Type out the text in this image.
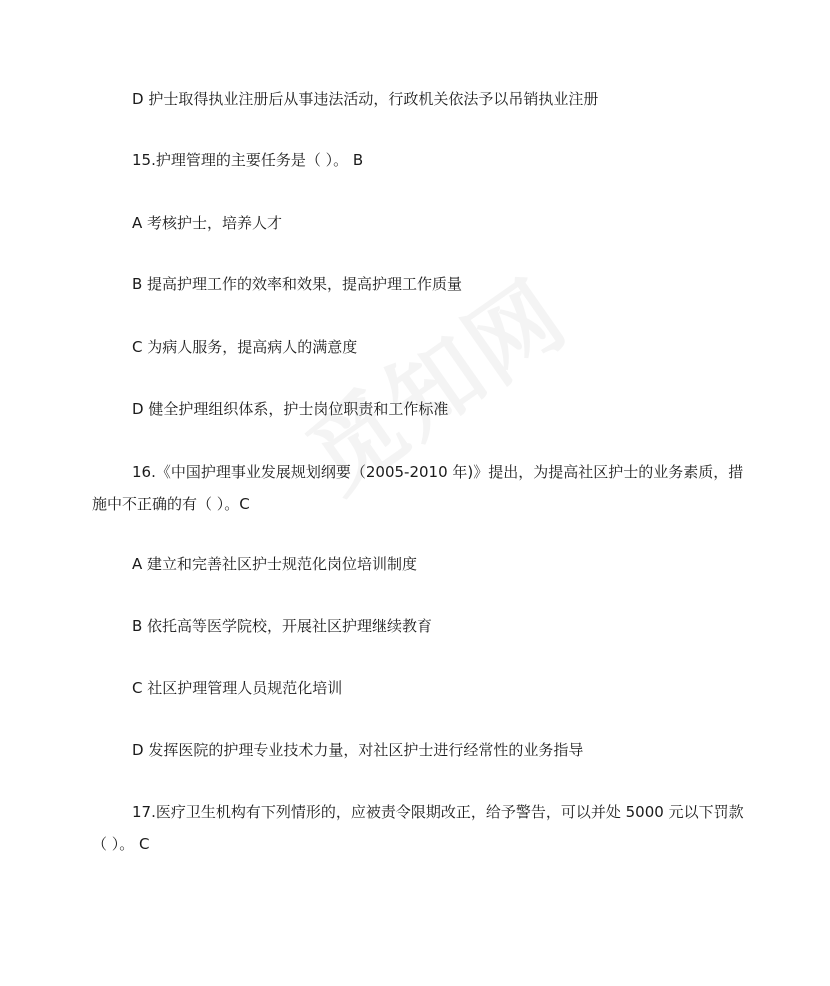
D 护士取得执业注册后从事违法活动，行政机关依法予以吊销执业注册
15.护理管理的主要任务是（ ）。 B
A 考核护士，培养人才
B 提高护理工作的效率和效果，提高护理工作质量
C 为病人服务，提高病人的满意度
D 健全护理组织体系，护士岗位职责和工作标准
16.《中国护理事业发展规划纲要（2005-2010 年)》提出，为提高社区护士的业务素质，措施中不正确的有（ ）。C
A 建立和完善社区护士规范化岗位培训制度
B 依托高等医学院校，开展社区护理继续教育
C 社区护理管理人员规范化培训
D 发挥医院的护理专业技术力量，对社区护士进行经常性的业务指导
17.医疗卫生机构有下列情形的，应被责令限期改正，给予警告，可以并处 5000 元以下罚款（ ）。 C
